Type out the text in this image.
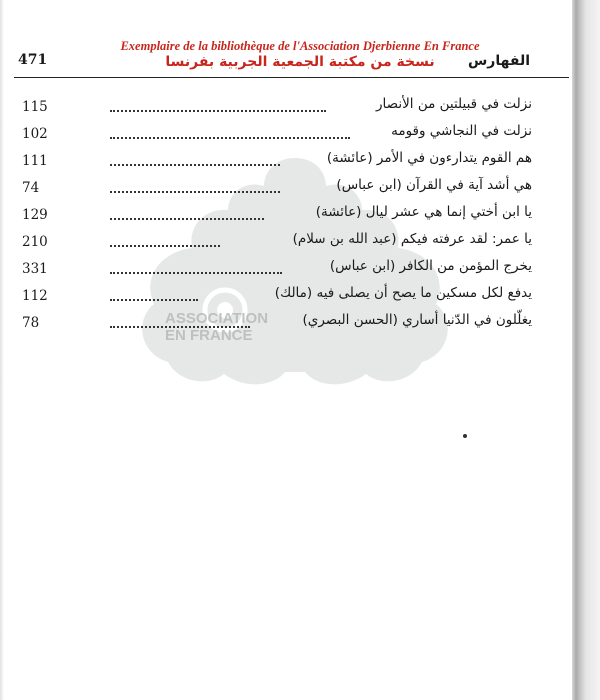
Exemplaire de la bibliothèque de l'Association Djerbienne En France
نسخة من مكتبة الجمعية الجربية بفرنسا
471	الفهارس
ASSOCIATION
EN FRANCE
115	نزلت في قبيلتين من الأنصار
102	نزلت في النجاشي وقومه
111	هم القوم يتدارءون في الأمر (عائشة)
74	هي أشد آية في القرآن (ابن عباس)
129	يا ابن أختي إنما هي عشر ليال (عائشة)
210	يا عمر: لقد عرفته فيكم (عبد الله بن سلام)
331	يخرج المؤمن من الكافر (ابن عباس)
112	يدفع لكل مسكين ما يصح أن يصلى فيه (مالك)
78	يغلّلون في الدّنيا أساري (الحسن البصري)
